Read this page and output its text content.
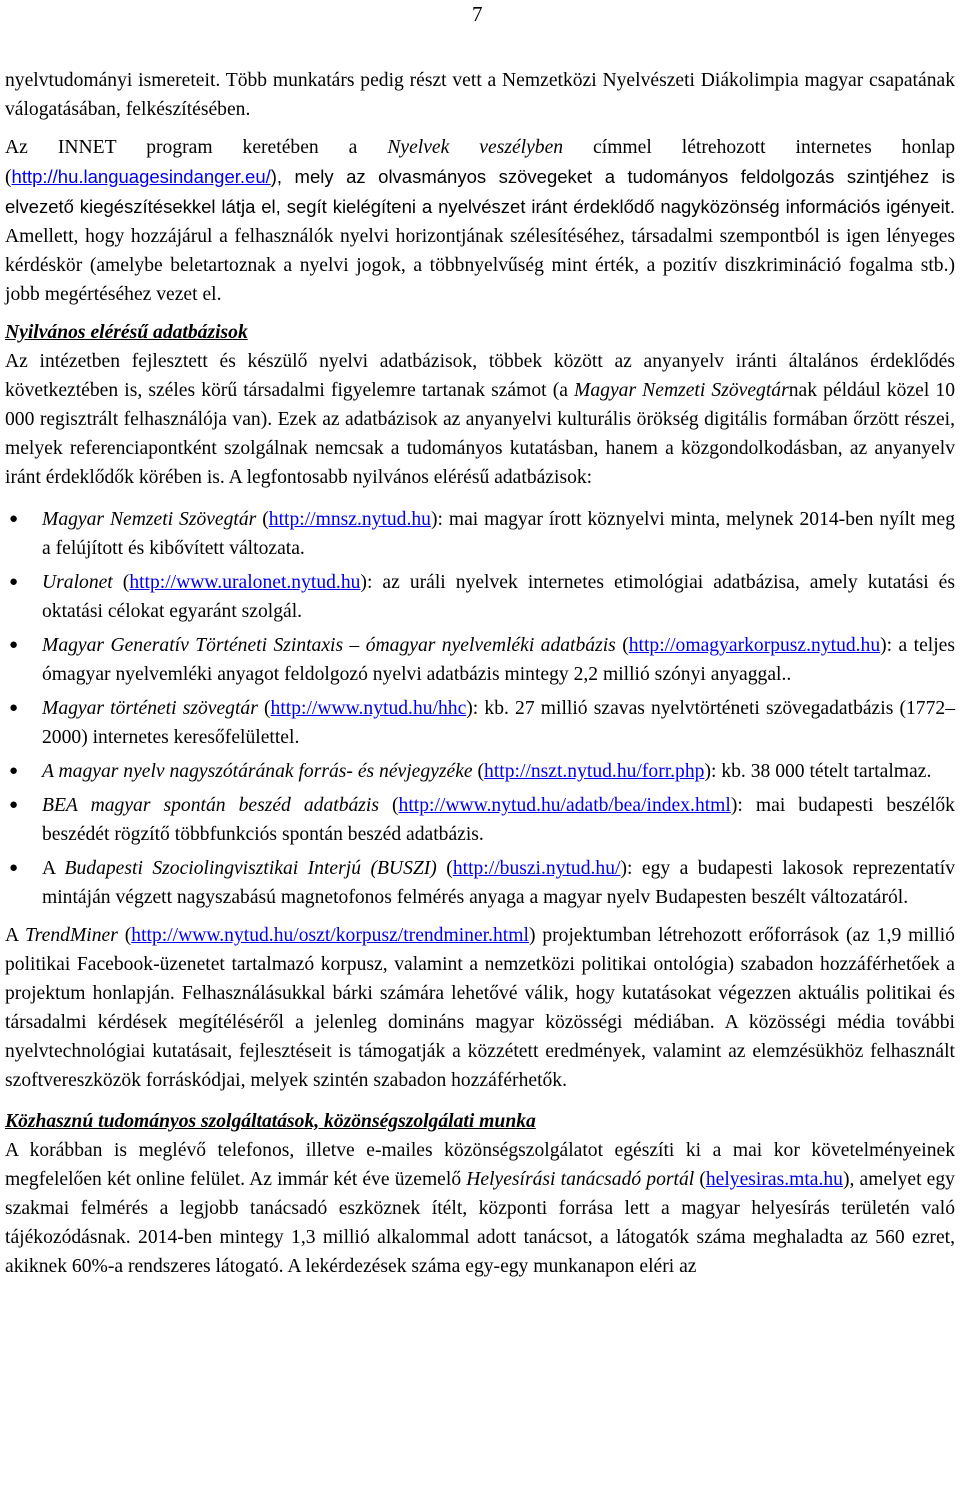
7

nyelvtudományi ismereteit. Több munkatárs pedig részt vett a Nemzetközi Nyelvészeti Diákolimpia magyar csapatának válogatásában, felkészítésében.

Az INNET program keretében a Nyelvek veszélyben címmel létrehozott internetes honlap (http://hu.languagesindanger.eu/), mely az olvasmányos szövegeket a tudományos feldolgozás szintjéhez is elvezető kiegészítésekkel látja el, segít kielégíteni a nyelvészet iránt érdeklődő nagyközönség információs igényeit. Amellett, hogy hozzájárul a felhasználók nyelvi horizontjának szélesítéséhez, társadalmi szempontból is igen lényeges kérdéskör (amelybe beletartoznak a nyelvi jogok, a többnyelvűség mint érték, a pozitív diszkrimináció fogalma stb.) jobb megértéséhez vezet el.

Nyilvános elérésű adatbázisok

Az intézetben fejlesztett és készülő nyelvi adatbázisok, többek között az anyanyelv iránti általános érdeklődés következtében is, széles körű társadalmi figyelemre tartanak számot (a Magyar Nemzeti Szövegtárnak például közel 10 000 regisztrált felhasználója van). Ezek az adatbázisok az anyanyelvi kulturális örökség digitális formában őrzött részei, melyek referenciapontként szolgálnak nemcsak a tudományos kutatásban, hanem a közgondolkodásban, az anyanyelv iránt érdeklődők körében is. A legfontosabb nyilvános elérésű adatbázisok:

● Magyar Nemzeti Szövegtár (http://mnsz.nytud.hu): mai magyar írott köznyelvi minta, melynek 2014-ben nyílt meg a felújított és kibővített változata.
● Uralonet (http://www.uralonet.nytud.hu): az uráli nyelvek internetes etimológiai adatbázisa, amely kutatási és oktatási célokat egyaránt szolgál.
● Magyar Generatív Történeti Szintaxis – ómagyar nyelvemléki adatbázis (http://omagyarkorpusz.nytud.hu): a teljes ómagyar nyelvemléki anyagot feldolgozó nyelvi adatbázis mintegy 2,2 millió szónyi anyaggal..
● Magyar történeti szövegtár (http://www.nytud.hu/hhc): kb. 27 millió szavas nyelvtörténeti szövegadatbázis (1772–2000) internetes keresőfelülettel.
● A magyar nyelv nagyszótárának forrás- és névjegyzéke (http://nszt.nytud.hu/forr.php): kb. 38 000 tételt tartalmaz.
● BEA magyar spontán beszéd adatbázis (http://www.nytud.hu/adatb/bea/index.html): mai budapesti beszélők beszédét rögzítő többfunkciós spontán beszéd adatbázis.
● A Budapesti Szociolingvisztikai Interjú (BUSZI) (http://buszi.nytud.hu/): egy a budapesti lakosok reprezentatív mintáján végzett nagyszabású magnetofonos felmérés anyaga a magyar nyelv Budapesten beszélt változatáról.

A TrendMiner (http://www.nytud.hu/oszt/korpusz/trendminer.html) projektumban létrehozott erőforrások (az 1,9 millió politikai Facebook-üzenetet tartalmazó korpusz, valamint a nemzetközi politikai ontológia) szabadon hozzáférhetőek a projektum honlapján. Felhasználásukkal bárki számára lehetővé válik, hogy kutatásokat végezzen aktuális politikai és társadalmi kérdések megítéléséről a jelenleg domináns magyar közösségi médiában. A közösségi média további nyelvtechnológiai kutatásait, fejlesztéseit is támogatják a közzétett eredmények, valamint az elemzésükhöz felhasznált szoftvereszközök forráskódjai, melyek szintén szabadon hozzáférhetők.

Közhasznú tudományos szolgáltatások, közönségszolgálati munka

A korábban is meglévő telefonos, illetve e-mailes közönségszolgálatot egészíti ki a mai kor követelményeinek megfelelően két online felület. Az immár két éve üzemelő Helyesírási tanácsadó portál (helyesiras.mta.hu), amelyet egy szakmai felmérés a legjobb tanácsadó eszköznek ítélt, központi forrása lett a magyar helyesírás területén való tájékozódásnak. 2014-ben mintegy 1,3 millió alkalommal adott tanácsot, a látogatók száma meghaladta az 560 ezret, akiknek 60%-a rendszeres látogató. A lekérdezések száma egy-egy munkanapon eléri az
